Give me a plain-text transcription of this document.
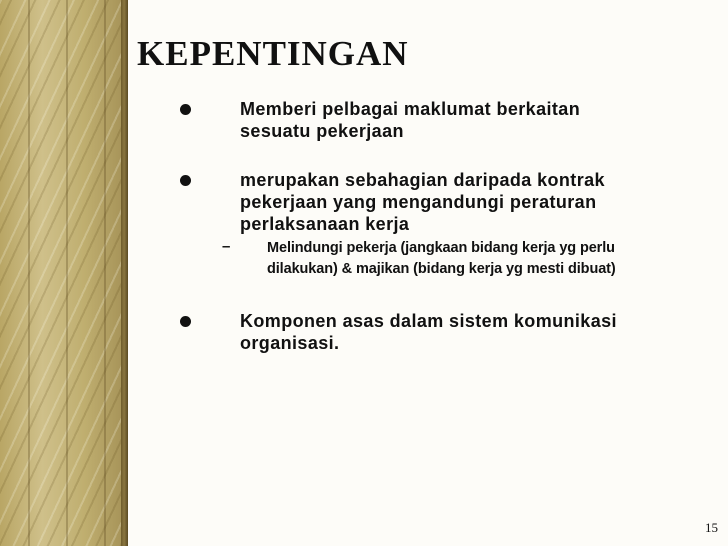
KEPENTINGAN
Memberi pelbagai maklumat berkaitan sesuatu pekerjaan
merupakan sebahagian daripada kontrak pekerjaan yang mengandungi peraturan perlaksanaan kerja
–	Melindungi pekerja (jangkaan bidang kerja yg perlu dilakukan) & majikan (bidang kerja yg mesti dibuat)
Komponen asas dalam sistem komunikasi organisasi.
15
